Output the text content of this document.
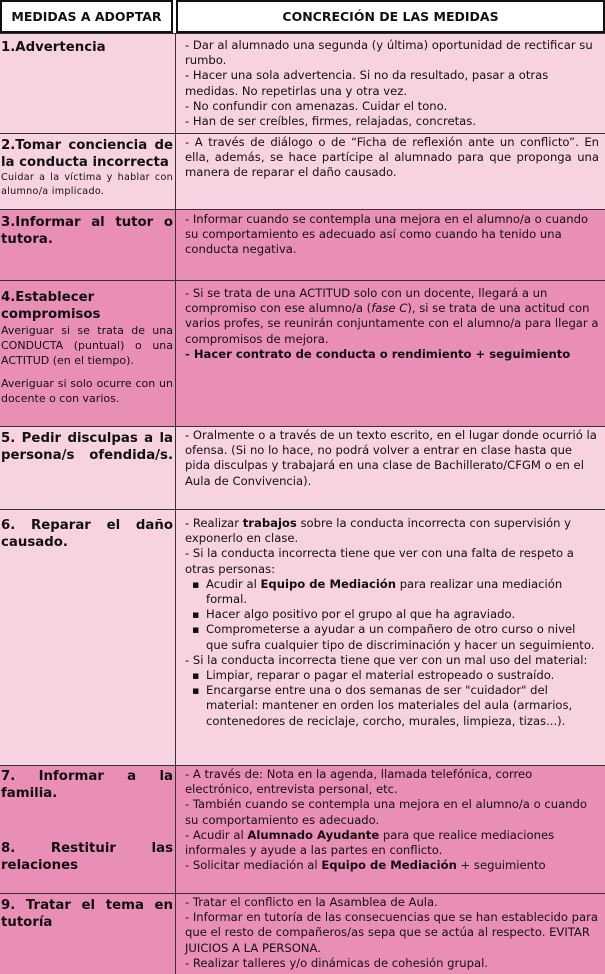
MEDIDAS A ADOPTAR	CONCRECIÓN DE LAS MEDIDAS
1.Advertencia	- Dar al alumnado una segunda (y última) oportunidad de rectificar su rumbo.
- Hacer una sola advertencia. Si no da resultado, pasar a otras medidas. No repetirlas una y otra vez.
- No confundir con amenazas. Cuidar el tono.
- Han de ser creíbles, firmes, relajadas, concretas.
2.Tomar conciencia de la conducta incorrecta
Cuidar a la víctima y hablar con alumno/a implicado.
- A través de diálogo o de “Ficha de reflexión ante un conflicto”. En ella, además, se hace partícipe al alumnado para que proponga una manera de reparar el daño causado.
3.Informar al tutor o tutora.
- Informar cuando se contempla una mejora en el alumno/a o cuando su comportamiento es adecuado así como cuando ha tenido una conducta negativa.
4.Establecer compromisos
Averiguar si se trata de una CONDUCTA (puntual) o una ACTITUD (en el tiempo).
Averiguar si solo ocurre con un docente o con varios.
- Si se trata de una ACTITUD solo con un docente, llegará a un compromiso con ese alumno/a (fase C), si se trata de una actitud con varios profes, se reunirán conjuntamente con el alumno/a para llegar a compromisos de mejora.
- Hacer contrato de conducta o rendimiento + seguimiento
5. Pedir disculpas a la persona/s ofendida/s.
- Oralmente o a través de un texto escrito, en el lugar donde ocurrió la ofensa. (Si no lo hace, no podrá volver a entrar en clase hasta que pida disculpas y trabajará en una clase de Bachillerato/CFGM o en el Aula de Convivencia).
6. Reparar el daño causado.
- Realizar trabajos sobre la conducta incorrecta con supervisión y exponerlo en clase.
- Si la conducta incorrecta tiene que ver con una falta de respeto a otras personas:
▪ Acudir al Equipo de Mediación para realizar una mediación formal.
▪ Hacer algo positivo por el grupo al que ha agraviado.
▪ Comprometerse a ayudar a un compañero de otro curso o nivel que sufra cualquier tipo de discriminación y hacer un seguimiento.
- Si la conducta incorrecta tiene que ver con un mal uso del material:
▪ Limpiar, reparar o pagar el material estropeado o sustraído.
▪ Encargarse entre una o dos semanas de ser "cuidador" del material: mantener en orden los materiales del aula (armarios, contenedores de reciclaje, corcho, murales, limpieza, tizas...).
7. Informar a la familia.
8. Restituir las relaciones
- A través de: Nota en la agenda, llamada telefónica, correo electrónico, entrevista personal, etc.
- También cuando se contempla una mejora en el alumno/a o cuando su comportamiento es adecuado.
- Acudir al Alumnado Ayudante para que realice mediaciones informales y ayude a las partes en conflicto.
- Solicitar mediación al Equipo de Mediación + seguimiento
9. Tratar el tema en tutoría
- Tratar el conflicto en la Asamblea de Aula.
- Informar en tutoría de las consecuencias que se han establecido para que el resto de compañeros/as sepa que se actúa al respecto. EVITAR JUICIOS A LA PERSONA.
- Realizar talleres y/o dinámicas de cohesión grupal.
